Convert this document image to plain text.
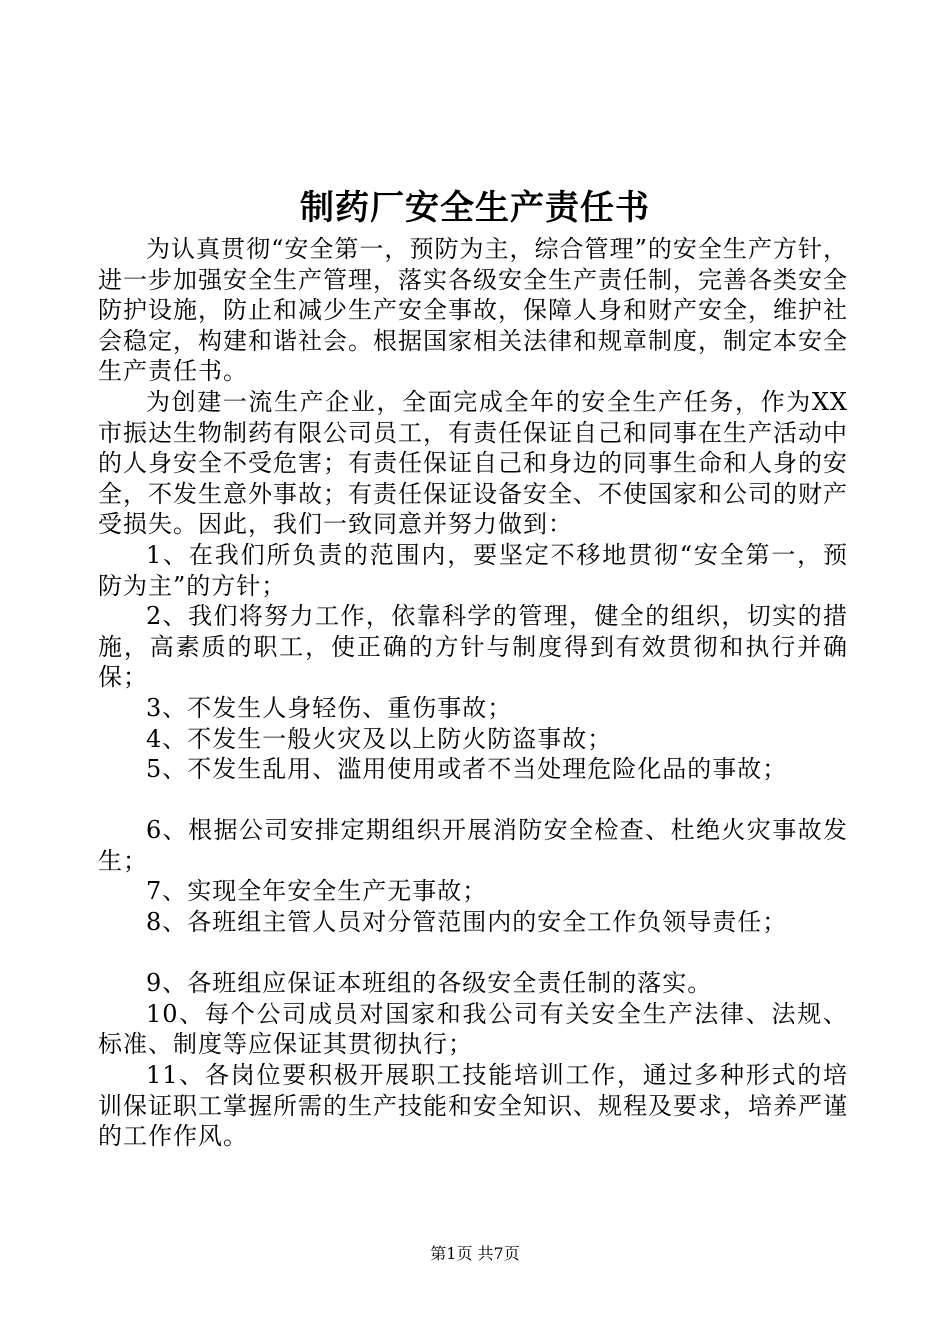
制药厂安全生产责任书

为认真贯彻“安全第一，预防为主，综合管理”的安全生产方针，进一步加强安全生产管理，落实各级安全生产责任制，完善各类安全防护设施，防止和减少生产安全事故，保障人身和财产安全，维护社会稳定，构建和谐社会。根据国家相关法律和规章制度，制定本安全生产责任书。

为创建一流生产企业，全面完成全年的安全生产任务，作为XX市振达生物制药有限公司员工，有责任保证自己和同事在生产活动中的人身安全不受危害；有责任保证自己和身边的同事生命和人身的安全，不发生意外事故；有责任保证设备安全、不使国家和公司的财产受损失。因此，我们一致同意并努力做到：

1、在我们所负责的范围内，要坚定不移地贯彻“安全第一，预防为主”的方针；

2、我们将努力工作，依靠科学的管理，健全的组织，切实的措施，高素质的职工，使正确的方针与制度得到有效贯彻和执行并确保；

3、不发生人身轻伤、重伤事故；

4、不发生一般火灾及以上防火防盗事故；

5、不发生乱用、滥用使用或者不当处理危险化品的事故；

6、根据公司安排定期组织开展消防安全检查、杜绝火灾事故发生；

7、实现全年安全生产无事故；

8、各班组主管人员对分管范围内的安全工作负领导责任；

9、各班组应保证本班组的各级安全责任制的落实。

10、每个公司成员对国家和我公司有关安全生产法律、法规、标准、制度等应保证其贯彻执行；

11、各岗位要积极开展职工技能培训工作，通过多种形式的培训保证职工掌握所需的生产技能和安全知识、规程及要求，培养严谨的工作作风。

第1页 共7页
